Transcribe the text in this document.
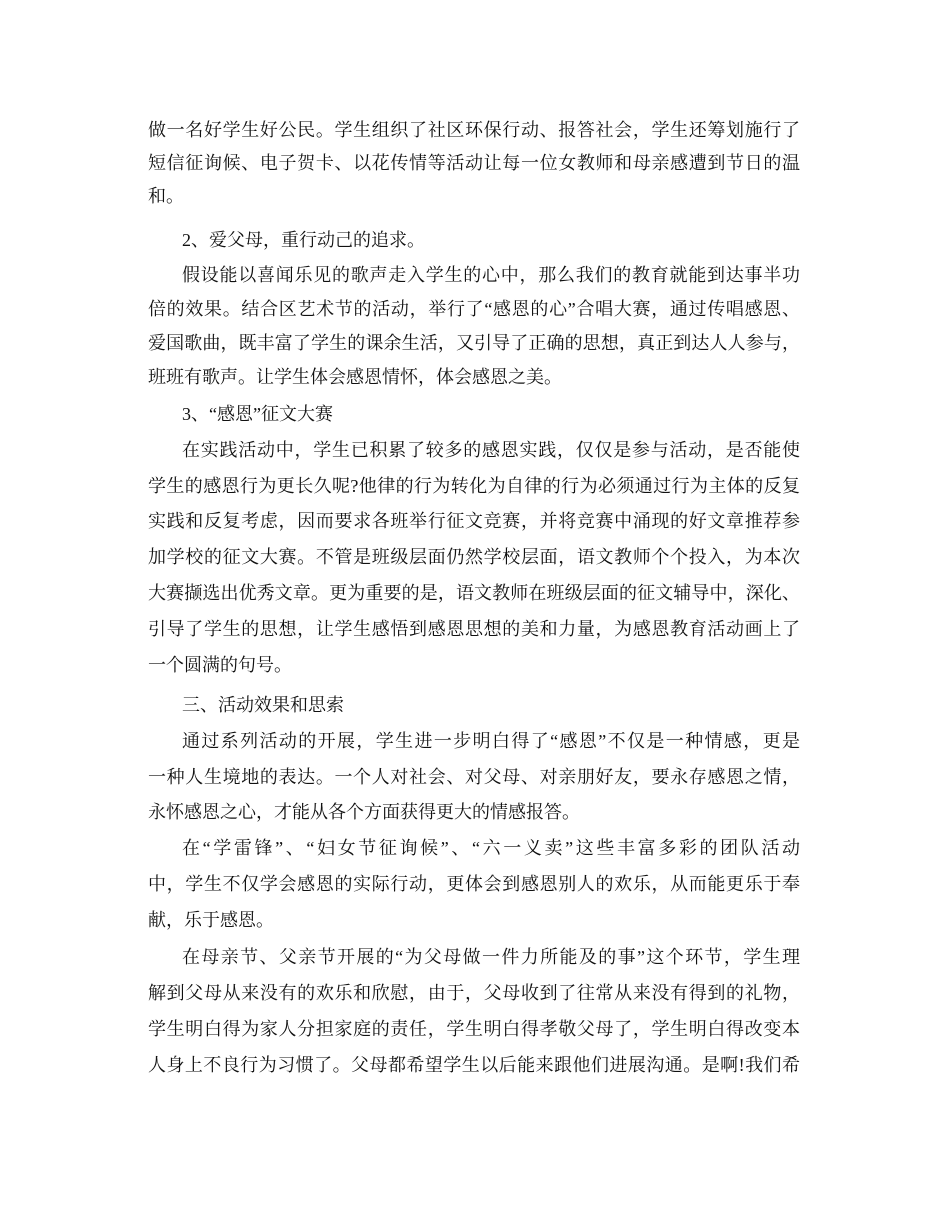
做一名好学生好公民。学生组织了社区环保行动、报答社会，学生还筹划施行了
短信征询候、电子贺卡、以花传情等活动让每一位女教师和母亲感遭到节日的温
和。
2、爱父母，重行动己的追求。
假设能以喜闻乐见的歌声走入学生的心中，那么我们的教育就能到达事半功
倍的效果。结合区艺术节的活动，举行了“感恩的心”合唱大赛，通过传唱感恩、
爱国歌曲，既丰富了学生的课余生活，又引导了正确的思想，真正到达人人参与，
班班有歌声。让学生体会感恩情怀，体会感恩之美。
3、“感恩”征文大赛
在实践活动中，学生已积累了较多的感恩实践，仅仅是参与活动，是否能使
学生的感恩行为更长久呢?他律的行为转化为自律的行为必须通过行为主体的反复
实践和反复考虑，因而要求各班举行征文竞赛，并将竞赛中涌现的好文章推荐参
加学校的征文大赛。不管是班级层面仍然学校层面，语文教师个个投入，为本次
大赛撷选出优秀文章。更为重要的是，语文教师在班级层面的征文辅导中，深化、
引导了学生的思想，让学生感悟到感恩思想的美和力量，为感恩教育活动画上了
一个圆满的句号。
三、活动效果和思索
通过系列活动的开展，学生进一步明白得了“感恩”不仅是一种情感，更是
一种人生境地的表达。一个人对社会、对父母、对亲朋好友，要永存感恩之情，
永怀感恩之心，才能从各个方面获得更大的情感报答。
在“学雷锋”、“妇女节征询候”、“六一义卖”这些丰富多彩的团队活动
中，学生不仅学会感恩的实际行动，更体会到感恩别人的欢乐，从而能更乐于奉
献，乐于感恩。
在母亲节、父亲节开展的“为父母做一件力所能及的事”这个环节，学生理
解到父母从来没有的欢乐和欣慰，由于，父母收到了往常从来没有得到的礼物，
学生明白得为家人分担家庭的责任，学生明白得孝敬父母了，学生明白得改变本
人身上不良行为习惯了。父母都希望学生以后能来跟他们进展沟通。是啊!我们希
